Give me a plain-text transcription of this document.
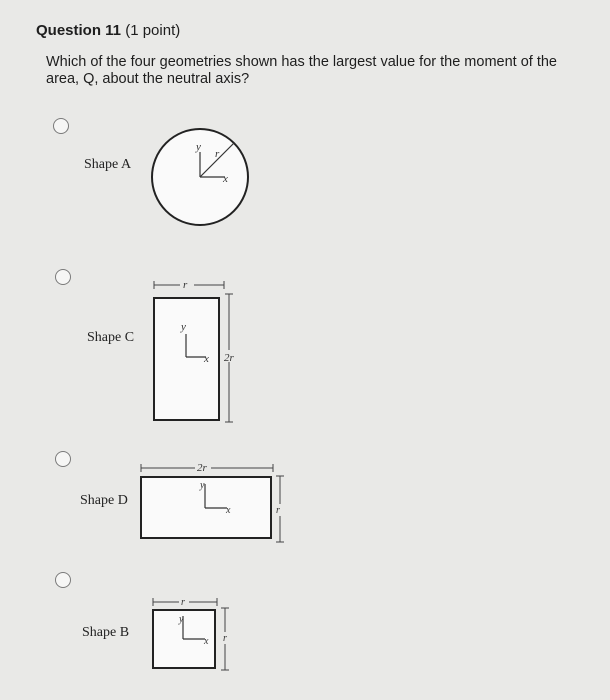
Question 11 (1 point)
Which of the four geometries shown has the largest value for the moment of the area, Q, about the neutral axis?
Shape A
y
r
x
Shape C
r
2r
y
x
Shape D
2r
r
y
x
Shape B
r
r
y
x
